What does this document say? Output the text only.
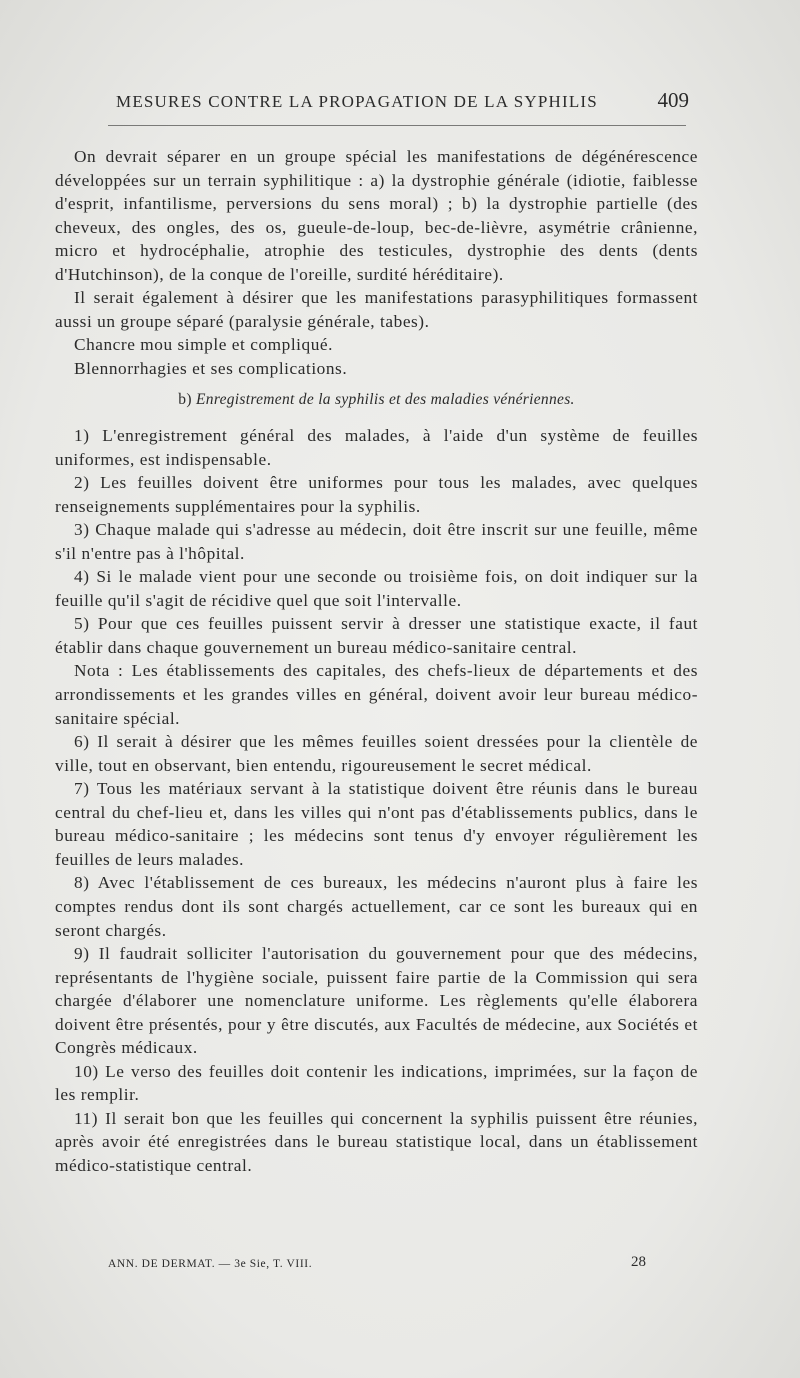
MESURES CONTRE LA PROPAGATION DE LA SYPHILIS	409

On devrait séparer en un groupe spécial les manifestations de dégénérescence développées sur un terrain syphilitique : a) la dystrophie générale (idiotie, faiblesse d'esprit, infantilisme, perversions du sens moral) ; b) la dystrophie partielle (des cheveux, des ongles, des os, gueule-de-loup, bec-de-lièvre, asymétrie crânienne, micro et hydrocéphalie, atrophie des testicules, dystrophie des dents (dents d'Hutchinson), de la conque de l'oreille, surdité héréditaire).

Il serait également à désirer que les manifestations parasyphilitiques formassent aussi un groupe séparé (paralysie générale, tabes).

Chancre mou simple et compliqué.

Blennorrhagies et ses complications.

b) Enregistrement de la syphilis et des maladies vénériennes.

1) L'enregistrement général des malades, à l'aide d'un système de feuilles uniformes, est indispensable.

2) Les feuilles doivent être uniformes pour tous les malades, avec quelques renseignements supplémentaires pour la syphilis.

3) Chaque malade qui s'adresse au médecin, doit être inscrit sur une feuille, même s'il n'entre pas à l'hôpital.

4) Si le malade vient pour une seconde ou troisième fois, on doit indiquer sur la feuille qu'il s'agit de récidive quel que soit l'intervalle.

5) Pour que ces feuilles puissent servir à dresser une statistique exacte, il faut établir dans chaque gouvernement un bureau médico-sanitaire central.

Nota : Les établissements des capitales, des chefs-lieux de départements et des arrondissements et les grandes villes en général, doivent avoir leur bureau médico-sanitaire spécial.

6) Il serait à désirer que les mêmes feuilles soient dressées pour la clientèle de ville, tout en observant, bien entendu, rigoureusement le secret médical.

7) Tous les matériaux servant à la statistique doivent être réunis dans le bureau central du chef-lieu et, dans les villes qui n'ont pas d'établissements publics, dans le bureau médico-sanitaire ; les médecins sont tenus d'y envoyer régulièrement les feuilles de leurs malades.

8) Avec l'établissement de ces bureaux, les médecins n'auront plus à faire les comptes rendus dont ils sont chargés actuellement, car ce sont les bureaux qui en seront chargés.

9) Il faudrait solliciter l'autorisation du gouvernement pour que des médecins, représentants de l'hygiène sociale, puissent faire partie de la Commission qui sera chargée d'élaborer une nomenclature uniforme. Les règlements qu'elle élaborera doivent être présentés, pour y être discutés, aux Facultés de médecine, aux Sociétés et Congrès médicaux.

10) Le verso des feuilles doit contenir les indications, imprimées, sur la façon de les remplir.

11) Il serait bon que les feuilles qui concernent la syphilis puissent être réunies, après avoir été enregistrées dans le bureau statistique local, dans un établissement médico-statistique central.

ANN. DE DERMAT. — 3e Sie, T. VIII.	28
